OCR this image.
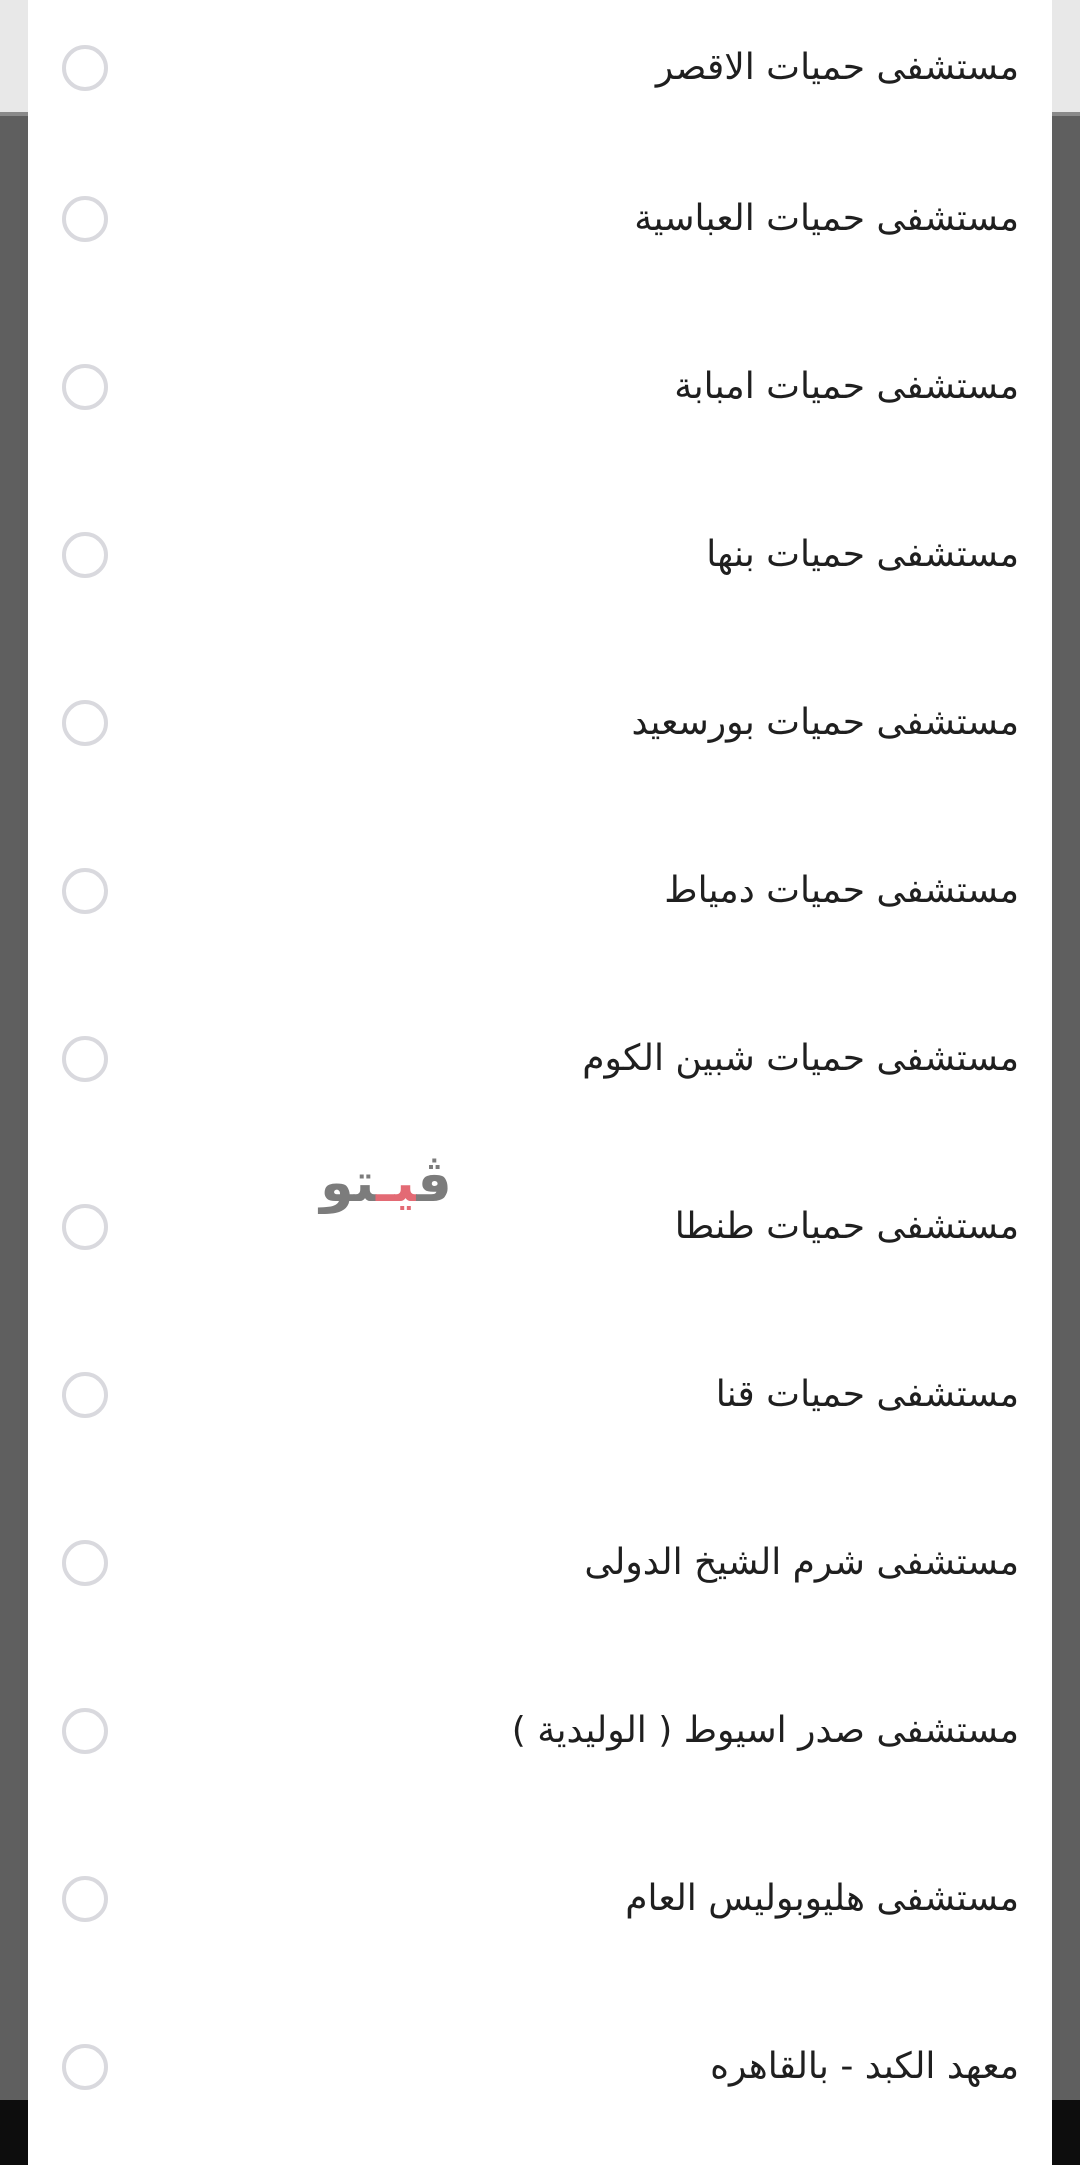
مستشفى حميات الاقصر
مستشفى حميات العباسية
مستشفى حميات امبابة
مستشفى حميات بنها
مستشفى حميات بورسعيد
مستشفى حميات دمياط
مستشفى حميات شبين الكوم
مستشفى حميات طنطا
مستشفى حميات قنا
مستشفى شرم الشيخ الدولى
مستشفى صدر اسيوط ( الوليدية )
مستشفى هليوبوليس العام
معهد الكبد - بالقاهره
ڤيـتو
